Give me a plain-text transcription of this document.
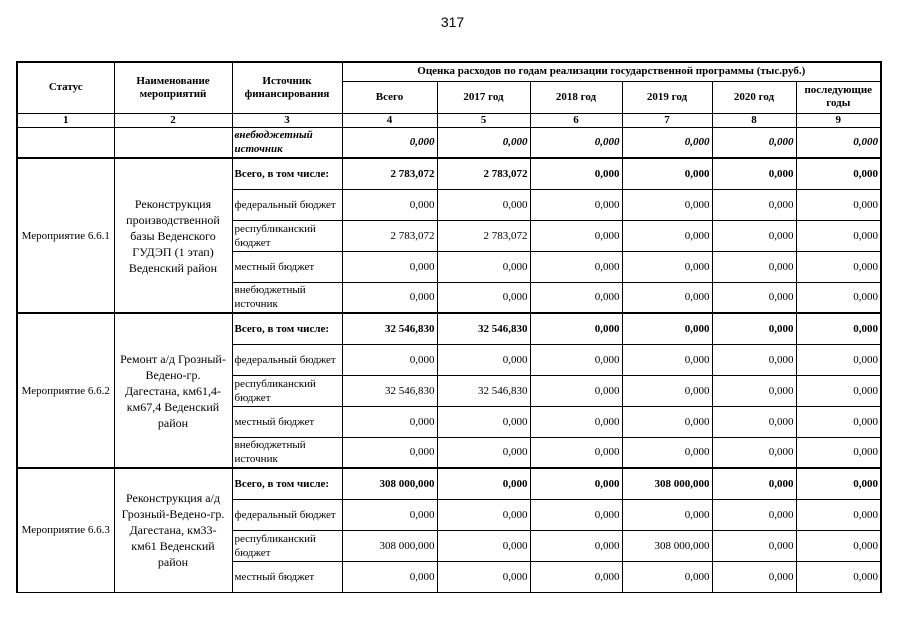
317
Статус	Наименование мероприятий	Источник финансирования	Оценка расходов по годам реализации государственной программы (тыс.руб.)					
			Всего	2017 год	2018 год	2019 год	2020 год	последующие годы
1	2	3	4	5	6	7	8	9
		внебюджетный источник	0,000	0,000	0,000	0,000	0,000	0,000
Мероприятие 6.6.1	Реконструкция производственной базы Веденского ГУДЭП (1 этап) Веденский район	Всего, в том числе:	2 783,072	2 783,072	0,000	0,000	0,000	0,000
		федеральный бюджет	0,000	0,000	0,000	0,000	0,000	0,000
		республиканский бюджет	2 783,072	2 783,072	0,000	0,000	0,000	0,000
		местный бюджет	0,000	0,000	0,000	0,000	0,000	0,000
		внебюджетный источник	0,000	0,000	0,000	0,000	0,000	0,000
Мероприятие 6.6.2	Ремонт а/д Грозный-Ведено-гр. Дагестана, км61,4-км67,4 Веденский район	Всего, в том числе:	32 546,830	32 546,830	0,000	0,000	0,000	0,000
		федеральный бюджет	0,000	0,000	0,000	0,000	0,000	0,000
		республиканский бюджет	32 546,830	32 546,830	0,000	0,000	0,000	0,000
		местный бюджет	0,000	0,000	0,000	0,000	0,000	0,000
		внебюджетный источник	0,000	0,000	0,000	0,000	0,000	0,000
Мероприятие 6.6.3	Реконструкция а/д Грозный-Ведено-гр. Дагестана, км33-км61 Веденский район	Всего, в том числе:	308 000,000	0,000	0,000	308 000,000	0,000	0,000
		федеральный бюджет	0,000	0,000	0,000	0,000	0,000	0,000
		республиканский бюджет	308 000,000	0,000	0,000	308 000,000	0,000	0,000
		местный бюджет	0,000	0,000	0,000	0,000	0,000	0,000
